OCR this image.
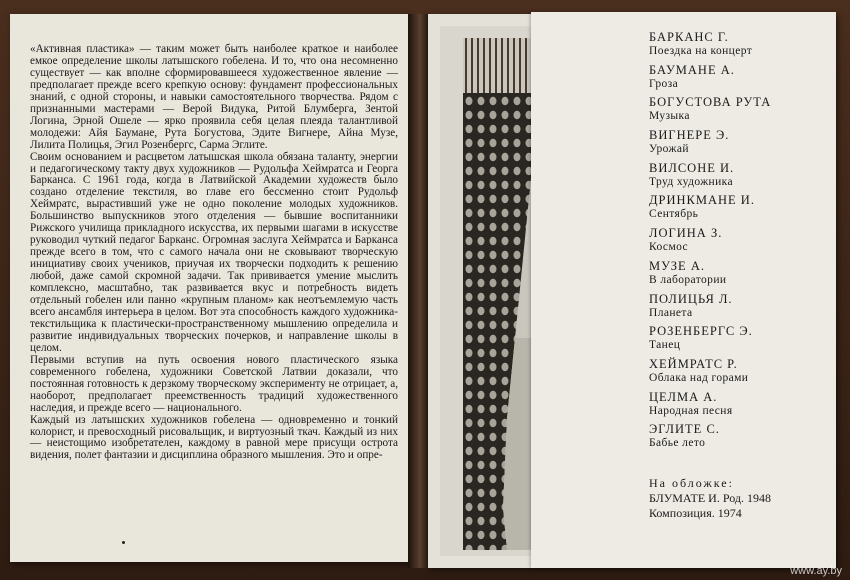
«Активная пластика» — таким может быть наиболее краткое и наиболее емкое определение школы латышского гобелена. И то, что она несомненно существует — как вполне сформировавшееся художественное явление — предполагает прежде всего крепкую основу: фундамент профессиональных знаний, с одной стороны, и навыки самостоятельного творчества. Рядом с признанными мастерами — Верой Видука, Ритой Блумберга, Зентой Логина, Эрной Ошеле — ярко проявила себя целая плеяда талантливой молодежи: Айя Баумане, Рута Богустова, Эдите Вигнере, Айна Музе, Лилита Полицья, Эгил Розенбергс, Сарма Эглите.

Своим основанием и расцветом латышская школа обязана таланту, энергии и педагогическому такту двух художников — Рудольфа Хеймратса и Георга Барканса. С 1961 года, когда в Латвийской Академии художеств было создано отделение текстиля, во главе его бессменно стоит Рудольф Хеймратс, вырастивший уже не одно поколение молодых художников. Большинство выпускников этого отделения — бывшие воспитанники Рижского училища прикладного искусства, их первыми шагами в искусстве руководил чуткий педагог Барканс. Огромная заслуга Хеймратса и Барканса прежде всего в том, что с самого начала они не сковывают творческую инициативу своих учеников, приучая их творчески подходить к решению любой, даже самой скромной задачи. Так прививается умение мыслить комплексно, масштабно, так развивается вкус и потребность видеть отдельный гобелен или панно «крупным планом» как неотъемлемую часть всего ансамбля интерьера в целом. Вот эта способность каждого художника-текстильщика к пластически-пространственному мышлению определила и развитие индивидуальных творческих почерков, и направление школы в целом.

Первыми вступив на путь освоения нового пластического языка современного гобелена, художники Советской Латвии доказали, что постоянная готовность к дерзкому творческому эксперименту не отрицает, а, наоборот, предполагает преемственность традиций художественного наследия, и прежде всего — национального.

Каждый из латышских художников гобелена — одновременно и тонкий колорист, и превосходный рисовальщик, и виртуозный ткач. Каждый из них — неистощимо изобретателен, каждому в равной мере присущи острота видения, полет фантазии и дисциплина образного мышления. Это и опре-

БАРКАНС Г.
Поездка на концерт
БАУМАНЕ А.
Гроза
БОГУСТОВА РУТА
Музыка
ВИГНЕРЕ Э.
Урожай
ВИЛСОНЕ И.
Труд художника
ДРИНКМАНЕ И.
Сентябрь
ЛОГИНА З.
Космос
МУЗЕ А.
В лаборатории
ПОЛИЦЬЯ Л.
Планета
РОЗЕНБЕРГС Э.
Танец
ХЕЙМРАТС Р.
Облака над горами
ЦЕЛМА А.
Народная песня
ЭГЛИТЕ С.
Бабье лето
На обложке:
БЛУМАТЕ И. Род. 1948
Композиция. 1974
www.ay.by
